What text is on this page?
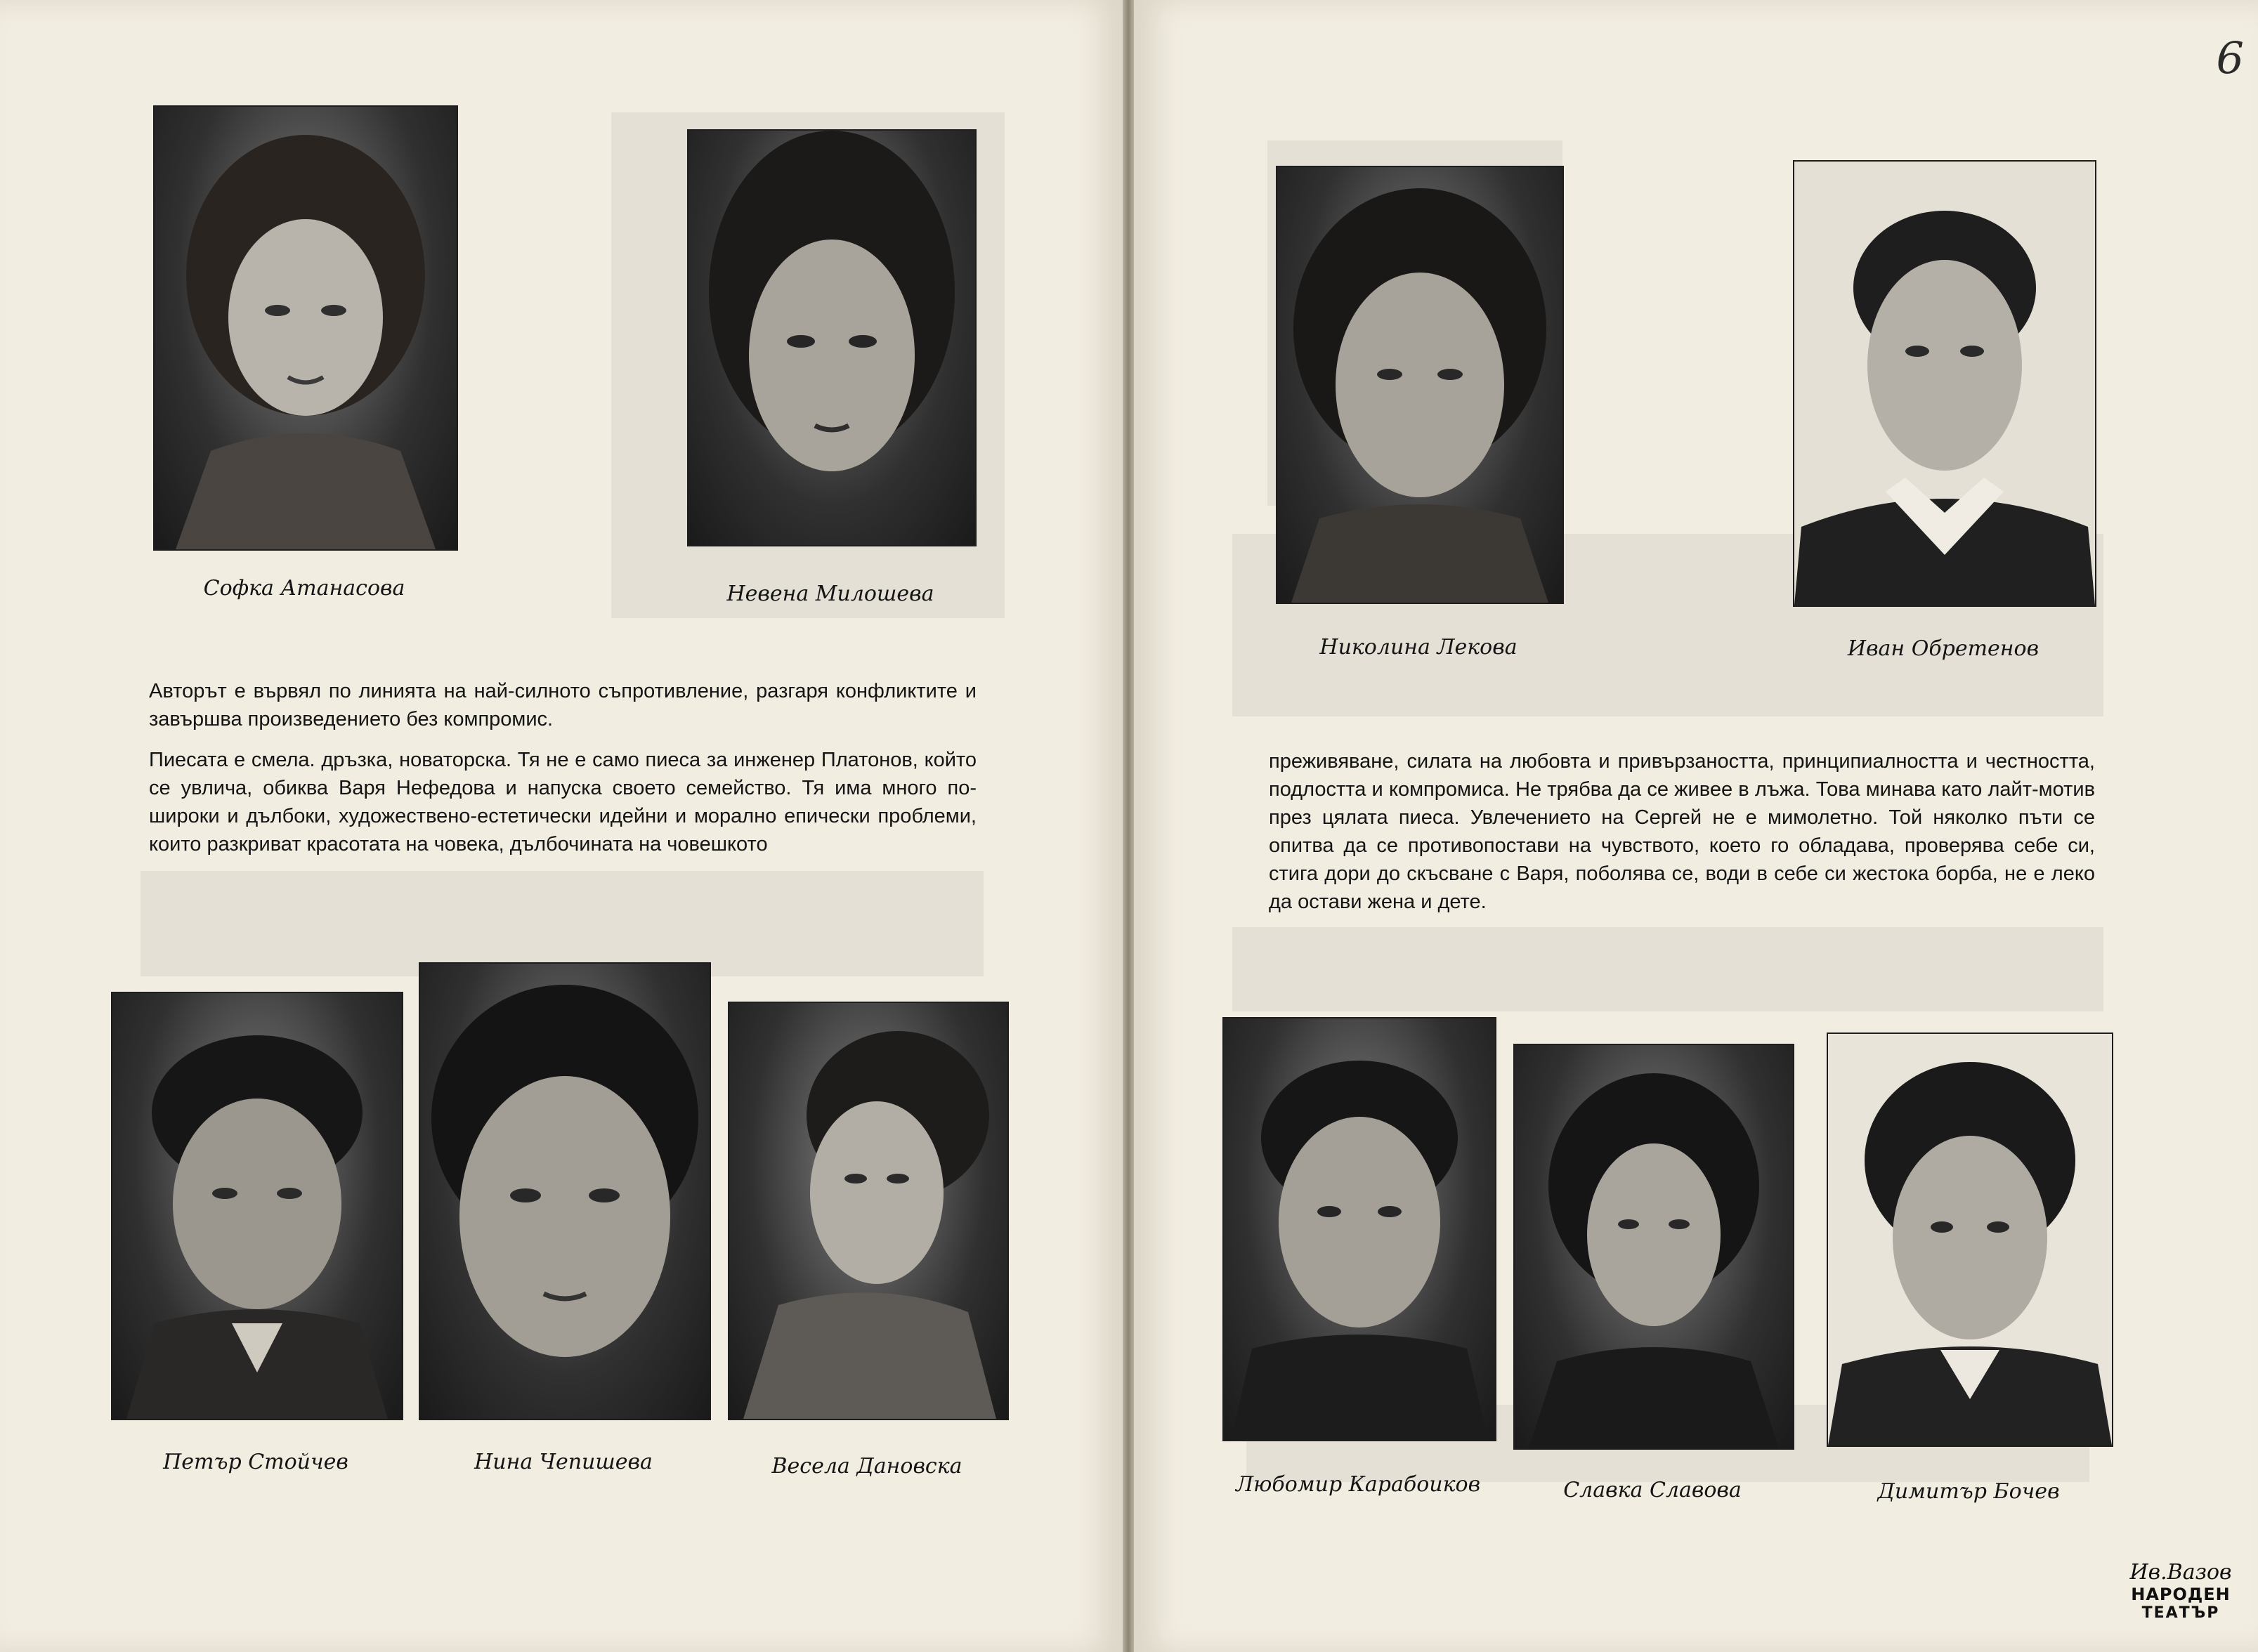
Софка Атанасова	Невена Милошева
Авторът е вървял по линията на най-силното съпротивление, разгаря конфликтите и завършва произведението без компромис.
Пиесата е смела. дръзка, новаторска. Тя не е само пиеса за инженер Платонов, който се увлича, обиква Варя Нефедова и напуска своето семейство. Тя има много по-широки и дълбоки, художествено-естетически идейни и морално епически проблеми, които разкриват красотата на човека, дълбочината на човешкото
Петър Стойчев	Нина Чепишева	Весела Дановска
6
Николина Лекова	Иван Обретенов
преживяване, силата на любовта и привързаността, принципиалността и честността, подлостта и компромиса. Не трябва да се живее в лъжа. Това минава като лайт-мотив през цялата пиеса. Увлечението на Сергей не е мимолетно. Той няколко пъти се опитва да се противопостави на чувството, което го обладава, проверява себе си, стига дори до скъсване с Варя, поболява се, води в себе си жестока борба, не е леко да остави жена и дете.
Любомир Карабоиков	Славка Славова	Димитър Бочев
Ив.Вазов
НАРОДЕН
ТЕАТЪР
